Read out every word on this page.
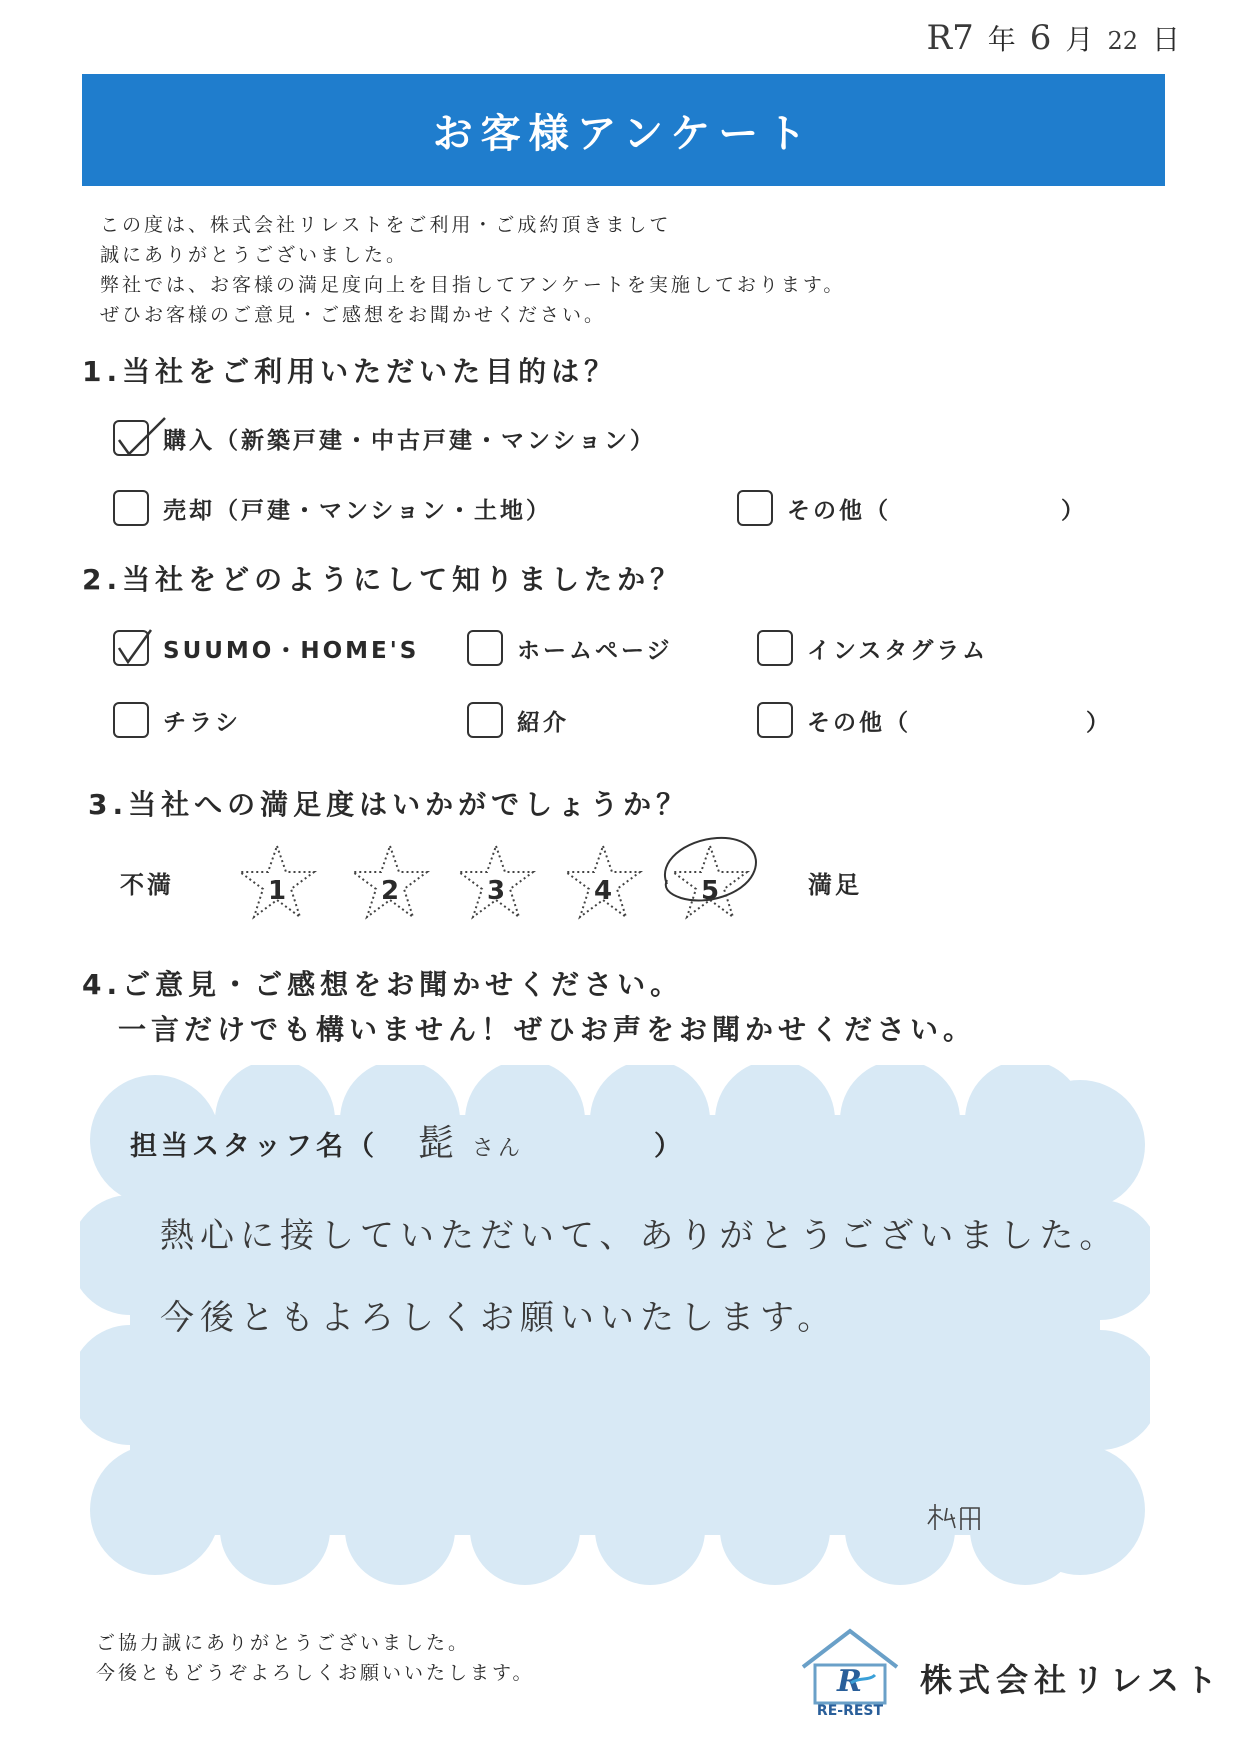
R7 年 6 月 22 日
お客様アンケート
この度は、株式会社リレストをご利用・ご成約頂きまして
誠にありがとうございました。
弊社では、お客様の満足度向上を目指してアンケートを実施しております。
ぜひお客様のご意見・ご感想をお聞かせください。
1.当社をご利用いただいた目的は？
購入（新築戸建・中古戸建・マンション）
売却（戸建・マンション・土地）	その他（	）
2.当社をどのようにして知りましたか？
SUUMO・HOME'S	ホームページ	インスタグラム
チラシ	紹介	その他（	）
3.当社への満足度はいかがでしょうか？
不満	満足
1	2	3	4	5
4.ご意見・ご感想をお聞かせください。
一言だけでも構いません！ぜひお声をお聞かせください。
担当スタッフ名（ 髭 さん	）
熱心に接していただいて、ありがとうございました。
今後ともよろしくお願いいたします。
ご協力誠にありがとうございました。
今後ともどうぞよろしくお願いいたします。	R
RE-REST
株式会社リレスト
